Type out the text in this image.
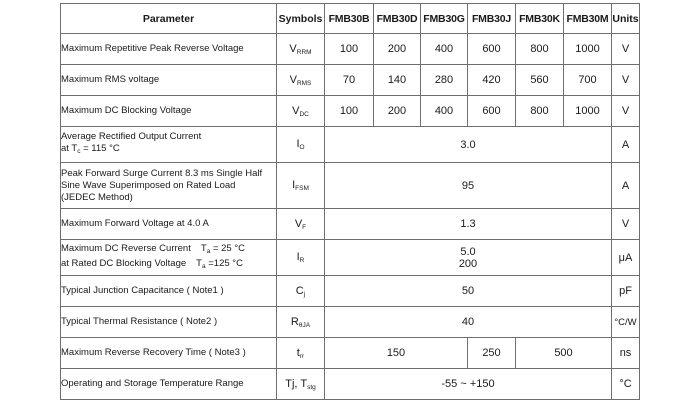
Parameter	Symbols	FMB30B	FMB30D	FMB30G	FMB30J	FMB30K	FMB30M	Units
Maximum Repetitive Peak Reverse Voltage	$V_{RRM}$	100	200	400	600	800	1000	V
Maximum RMS voltage	$V_{RMS}$	70	140	280	420	560	700	V
Maximum DC Blocking Voltage	$V_{DC}$	100	200	400	600	800	1000	V

Average Rectified Output Current
at $T_c = 115$ °C	$I_O$	3.0						A

Peak Forward Surge Current 8.3 ms Single Half
Sine Wave Superimposed on Rated Load
(JEDEC Method)	$I_{FSM}$	95						A
Maximum Forward Voltage at 4.0 A	$V_F$	1.3						V

Maximum DC Reverse Current $T_a = 25$ °C
at Rated DC Blocking Voltage $T_a =125$ °C	$I_R$	5.0
200						μA
Typical Junction Capacitance ( Note1 )	$C_j$	50						pF
Typical Thermal Resistance ( Note2 )	$R_{\theta JA}$	40						°C/W
Maximum Reverse Recovery Time ( Note3 )	$t_{rr}$	150			250	500		ns
Operating and Storage Temperature Range	Tj, $T_{stg}$	-55 ~ +150						°C
